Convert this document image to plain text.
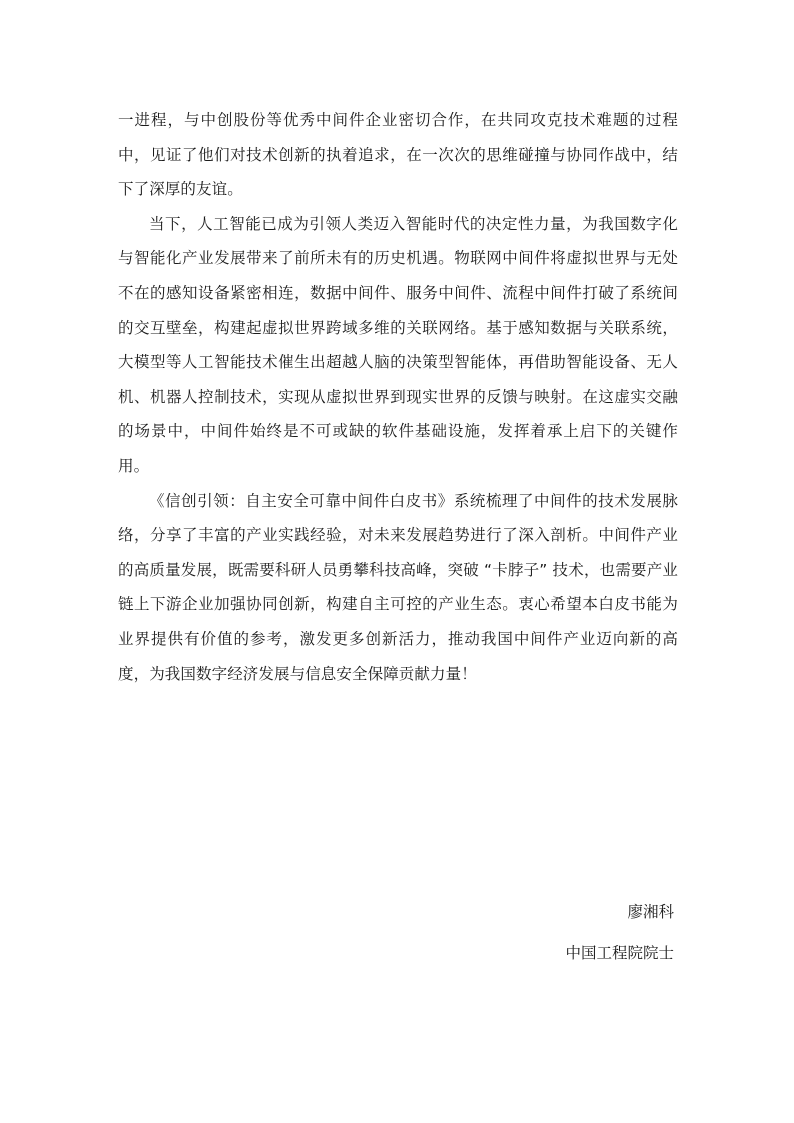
一进程，与中创股份等优秀中间件企业密切合作，在共同攻克技术难题的过程中，见证了他们对技术创新的执着追求，在一次次的思维碰撞与协同作战中，结下了深厚的友谊。

当下，人工智能已成为引领人类迈入智能时代的决定性力量，为我国数字化与智能化产业发展带来了前所未有的历史机遇。物联网中间件将虚拟世界与无处不在的感知设备紧密相连，数据中间件、服务中间件、流程中间件打破了系统间的交互壁垒，构建起虚拟世界跨域多维的关联网络。基于感知数据与关联系统，大模型等人工智能技术催生出超越人脑的决策型智能体，再借助智能设备、无人机、机器人控制技术，实现从虚拟世界到现实世界的反馈与映射。在这虚实交融的场景中，中间件始终是不可或缺的软件基础设施，发挥着承上启下的关键作用。

《信创引领：自主安全可靠中间件白皮书》系统梳理了中间件的技术发展脉络，分享了丰富的产业实践经验，对未来发展趋势进行了深入剖析。中间件产业的高质量发展，既需要科研人员勇攀科技高峰，突破 “卡脖子” 技术，也需要产业链上下游企业加强协同创新，构建自主可控的产业生态。衷心希望本白皮书能为业界提供有价值的参考，激发更多创新活力，推动我国中间件产业迈向新的高度，为我国数字经济发展与信息安全保障贡献力量！

廖湘科

中国工程院院士
